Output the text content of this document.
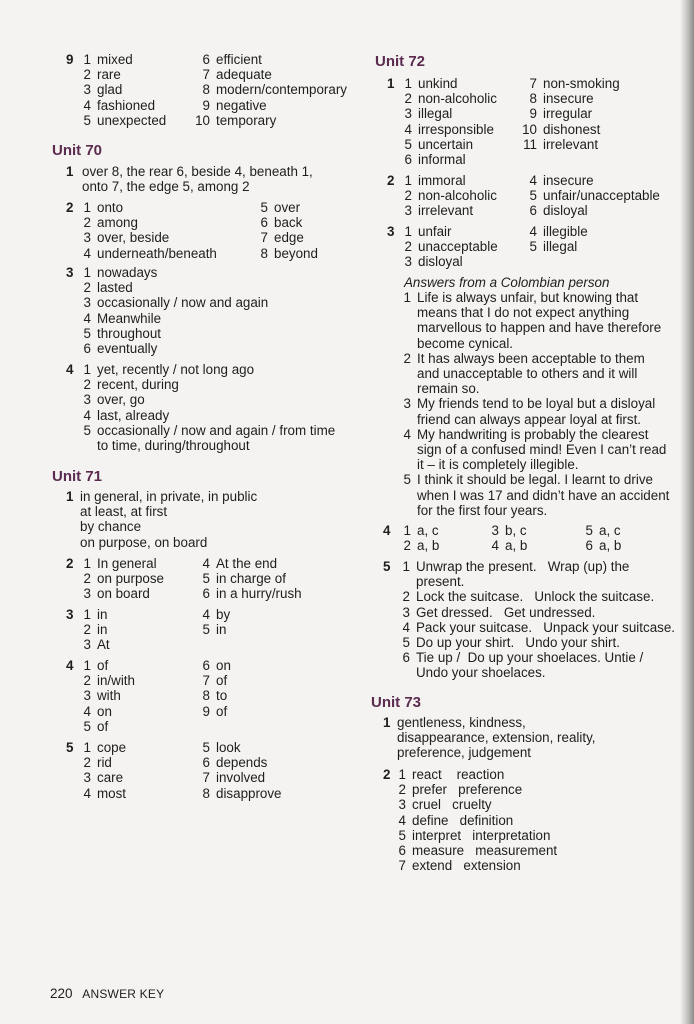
Unit 70
Unit 71
Unit 72
Answers from a Colombian person
Unit 73
9 1 mixed
2 rare
3 glad
4 fashioned
5 unexpected
6 efficient
7 adequate
8 modern/contemporary
9 negative
10 temporary
1 over 8, the rear 6, beside 4, beneath 1,
onto 7, the edge 5, among 2
2 1 onto
2 among
3 over, beside
4 underneath/beneath
5 over
6 back
7 edge
8 beyond
3 1 nowadays
2 lasted
3 occasionally / now and again
4 Meanwhile
5 throughout
6 eventually
4 1 yet, recently / not long ago
2 recent, during
3 over, go
4 last, already
5 occasionally / now and again / from time
to time, during/throughout
1 in general, in private, in public
at least, at first
by chance
on purpose, on board
2 1 In general
2 on purpose
3 on board
4 At the end
5 in charge of
6 in a hurry/rush
3 1 in
2 in
3 At
4 by
5 in
4 1 of
2 in/with
3 with
4 on
5 of
6 on
7 of
8 to
9 of
5 1 cope
2 rid
3 care
4 most
5 look
6 depends
7 involved
8 disapprove
1 1 unkind
2 non-alcoholic
3 illegal
4 irresponsible
5 uncertain
6 informal
7 non-smoking
8 insecure
9 irregular
10 dishonest
11 irrelevant
2 1 immoral
2 non-alcoholic
3 irrelevant
4 insecure
5 unfair/unacceptable
6 disloyal
3 1 unfair
2 unacceptable
3 disloyal
4 illegible
5 illegal
1 Life is always unfair, but knowing that
means that I do not expect anything
marvellous to happen and have therefore
become cynical.
2 It has always been acceptable to them
and unacceptable to others and it will
remain so.
3 My friends tend to be loyal but a disloyal
friend can always appear loyal at first.
4 My handwriting is probably the clearest
sign of a confused mind! Even I can’t read
it – it is completely illegible.
5 I think it should be legal. I learnt to drive
when I was 17 and didn’t have an accident
for the first four years.
4 1 a, c
2 a, b
3 b, c
4 a, b
5 a, c
6 a, b
5 1 Unwrap the present.   Wrap (up) the
present.
2 Lock the suitcase.   Unlock the suitcase.
3 Get dressed.   Get undressed.
4 Pack your suitcase.   Unpack your suitcase.
5 Do up your shirt.   Undo your shirt.
6 Tie up /  Do up your shoelaces. Untie /
Undo your shoelaces.
1 gentleness, kindness,
disappearance, extension, reality,
preference, judgement
2 1 react    reaction
2 prefer   preference
3 cruel   cruelty
4 define   definition
5 interpret   interpretation
6 measure   measurement
7 extend   extension
220 ANSWER KEY
